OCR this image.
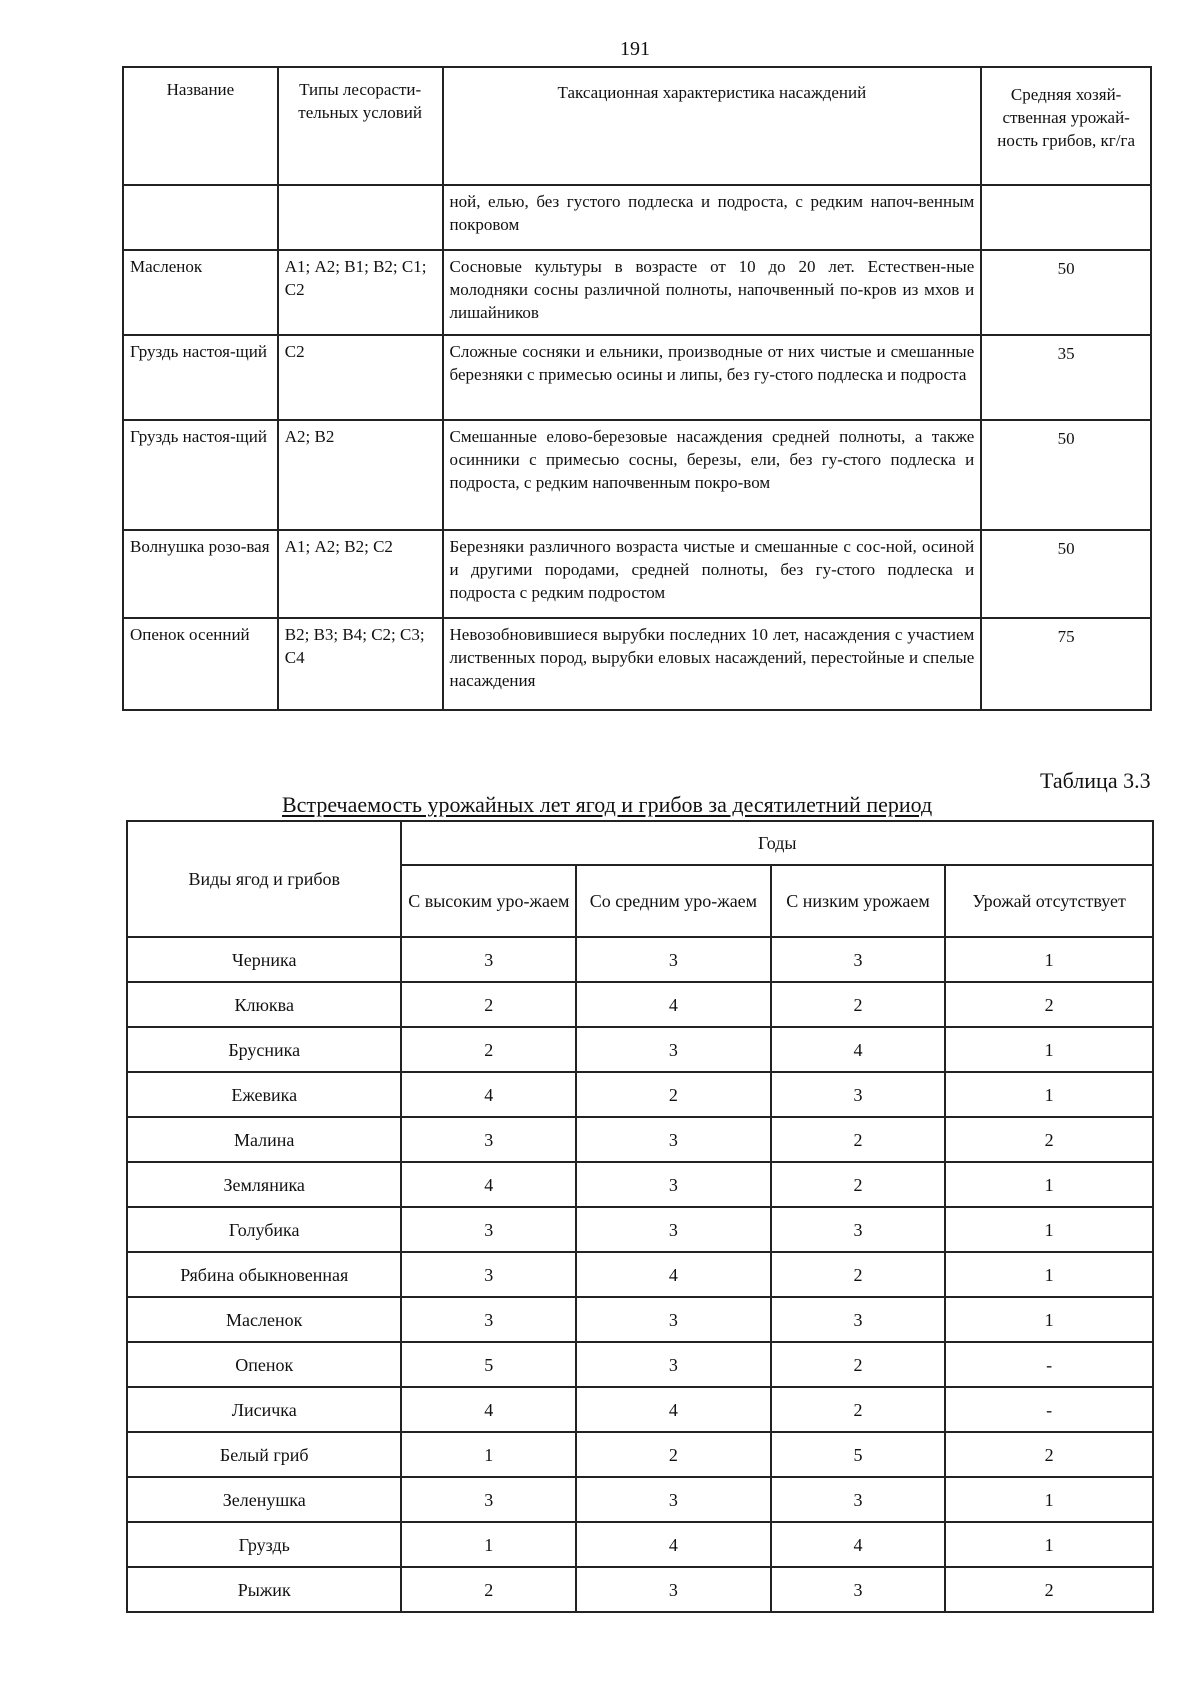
191
Название	Типы лесорасти-тельных условий	Таксационная характеристика насаждений	Средняя хозяй-ственная урожай-ность грибов, кг/га
		ной, елью, без густого подлеска и подроста, с редким напоч-венным покровом	
Масленок	А1; А2; В1; В2; С1; С2	Сосновые культуры в возрасте от 10 до 20 лет. Естествен-ные молодняки сосны различной полноты, напочвенный по-кров из мхов и лишайников	50
Груздь настоя-щий	С2	Сложные сосняки и ельники, производные от них чистые и смешанные березняки с примесью осины и липы, без гу-стого подлеска и подроста	35
Груздь настоя-щий	А2; В2	Смешанные елово-березовые насаждения средней полноты, а также осинники с примесью сосны, березы, ели, без гу-стого подлеска и подроста, с редким напочвенным покро-вом	50
Волнушка розо-вая	А1; А2; В2; С2	Березняки различного возраста чистые и смешанные с сос-ной, осиной и другими породами, средней полноты, без гу-стого подлеска и подроста с редким подростом	50
Опенок осенний	В2; В3; В4; С2; С3; С4	Невозобновившиеся вырубки последних 10 лет, насаждения с участием лиственных пород, вырубки еловых насаждений, перестойные и спелые насаждения	75
Таблица 3.3
Встречаемость урожайных лет ягод и грибов за десятилетний период
Виды ягод и грибов	Годы			
	С высоким уро-жаем	Со средним уро-жаем	С низким урожаем	Урожай отсутствует
Черника	3	3	3	1
Клюква	2	4	2	2
Брусника	2	3	4	1
Ежевика	4	2	3	1
Малина	3	3	2	2
Земляника	4	3	2	1
Голубика	3	3	3	1
Рябина обыкновенная	3	4	2	1
Масленок	3	3	3	1
Опенок	5	3	2	-
Лисичка	4	4	2	-
Белый гриб	1	2	5	2
Зеленушка	3	3	3	1
Груздь	1	4	4	1
Рыжик	2	3	3	2
